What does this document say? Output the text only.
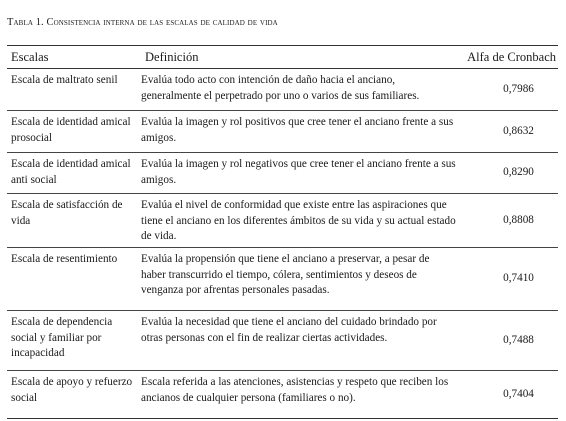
Tabla 1. Consistencia interna de las escalas de calidad de vida
Escalas	Definición	Alfa de Cronbach
Escala de maltrato senil	Evalúa todo acto con intención de daño hacia el anciano, generalmente el perpetrado por uno o varios de sus familiares.	0,7986
Escala de identidad amical prosocial	Evalúa la imagen y rol positivos que cree tener el anciano frente a sus amigos.	0,8632
Escala de identidad amical anti social	Evalúa la imagen y rol negativos que cree tener el anciano frente a sus amigos.	0,8290
Escala de satisfacción de vida	Evalúa el nivel de conformidad que existe entre las aspiraciones que tiene el anciano en los diferentes ámbitos de su vida y su actual estado de vida.	0,8808
Escala de resentimiento	Evalúa la propensión que tiene el anciano a preservar, a pesar de haber transcurrido el tiempo, cólera, sentimientos y deseos de venganza por afrentas personales pasadas.	0,7410
Escala de dependencia social y familiar por incapacidad	Evalúa la necesidad que tiene el anciano del cuidado brindado por otras personas con el fin de realizar ciertas actividades.	0,7488
Escala de apoyo y refuerzo social	Escala referida a las atenciones, asistencias y respeto que reciben los ancianos de cualquier persona (familiares o no).	0,7404
